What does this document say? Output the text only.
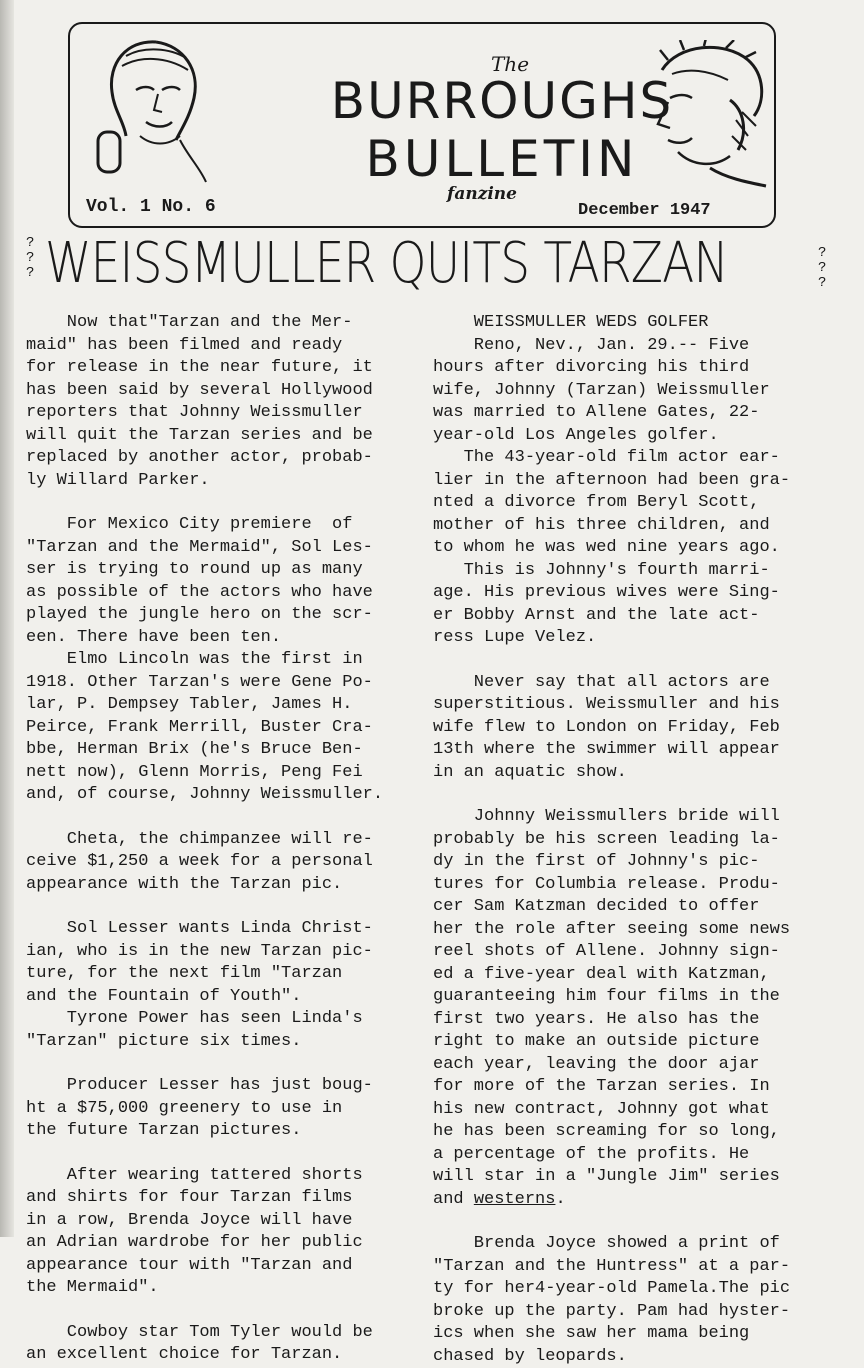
The
BURROUGHS
BULLETIN
fanzine
Vol. 1 No. 6	December 1947
?
?
?
?
?
?
WEISSMULLER QUITS TARZAN
Now that"Tarzan and the Mer-
maid" has been filmed and ready
for release in the near future, it
has been said by several Hollywood
reporters that Johnny Weissmuller
will quit the Tarzan series and be
replaced by another actor, probab-
ly Willard Parker.
For Mexico City premiere  of
"Tarzan and the Mermaid", Sol Les-
ser is trying to round up as many
as possible of the actors who have
played the jungle hero on the scr-
een. There have been ten.
Elmo Lincoln was the first in
1918. Other Tarzan's were Gene Po-
lar, P. Dempsey Tabler, James H.
Peirce, Frank Merrill, Buster Cra-
bbe, Herman Brix (he's Bruce Ben-
nett now), Glenn Morris, Peng Fei
and, of course, Johnny Weissmuller.
Cheta, the chimpanzee will re-
ceive $1,250 a week for a personal
appearance with the Tarzan pic.
Sol Lesser wants Linda Christ-
ian, who is in the new Tarzan pic-
ture, for the next film "Tarzan
and the Fountain of Youth".
Tyrone Power has seen Linda's
"Tarzan" picture six times.
Producer Lesser has just boug-
ht a $75,000 greenery to use in
the future Tarzan pictures.
After wearing tattered shorts
and shirts for four Tarzan films
in a row, Brenda Joyce will have
an Adrian wardrobe for her public
appearance tour with "Tarzan and
the Mermaid".
Cowboy star Tom Tyler would be
an excellent choice for Tarzan.
WEISSMULLER WEDS GOLFER
Reno, Nev., Jan. 29.-- Five
hours after divorcing his third
wife, Johnny (Tarzan) Weissmuller
was married to Allene Gates, 22-
year-old Los Angeles golfer.
The 43-year-old film actor ear-
lier in the afternoon had been gra-
nted a divorce from Beryl Scott,
mother of his three children, and
to whom he was wed nine years ago.
This is Johnny's fourth marri-
age. His previous wives were Sing-
er Bobby Arnst and the late act-
ress Lupe Velez.
Never say that all actors are
superstitious. Weissmuller and his
wife flew to London on Friday, Feb
13th where the swimmer will appear
in an aquatic show.
Johnny Weissmullers bride will
probably be his screen leading la-
dy in the first of Johnny's pic-
tures for Columbia release. Produ-
cer Sam Katzman decided to offer
her the role after seeing some news
reel shots of Allene. Johnny sign-
ed a five-year deal with Katzman,
guaranteeing him four films in the
first two years. He also has the
right to make an outside picture
each year, leaving the door ajar
for more of the Tarzan series. In
his new contract, Johnny got what
he has been screaming for so long,
a percentage of the profits. He
will star in a "Jungle Jim" series
and westerns.
Brenda Joyce showed a print of
"Tarzan and the Huntress" at a par-
ty for her4-year-old Pamela.The pic
broke up the party. Pam had hyster-
ics when she saw her mama being
chased by leopards.
